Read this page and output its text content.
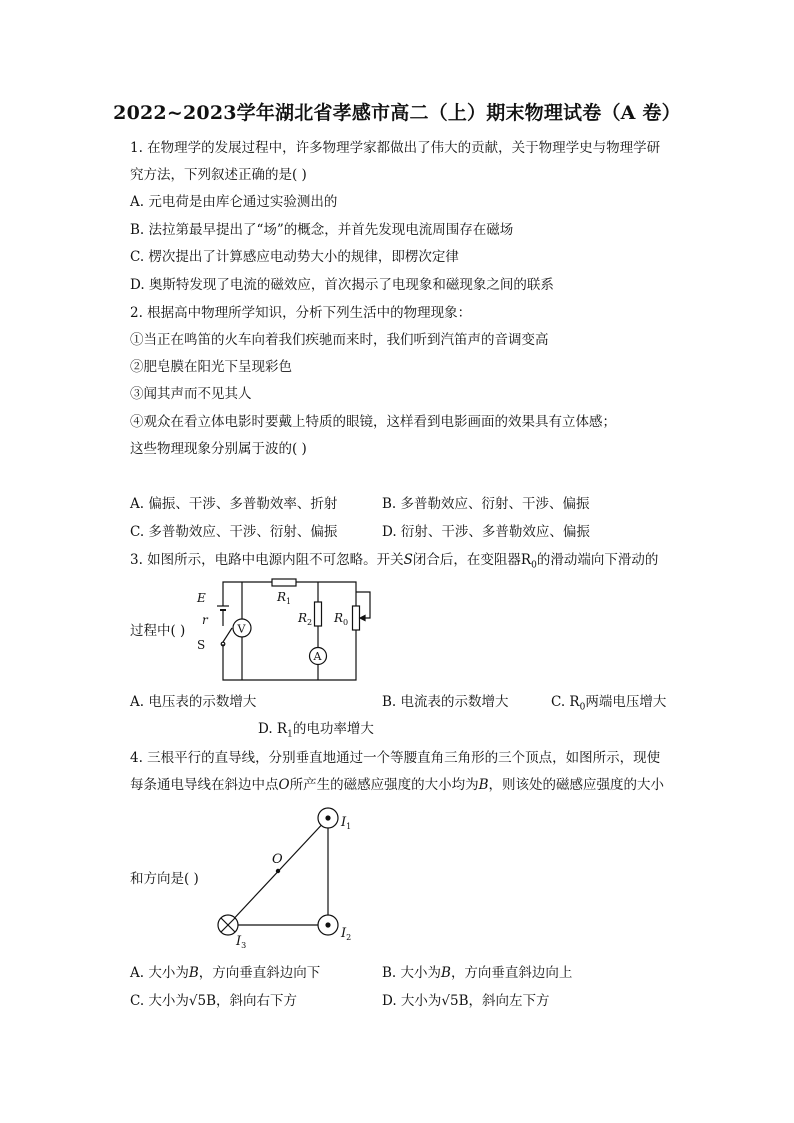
2022~2023学年湖北省孝感市高二（上）期末物理试卷（A 卷）
1. 在物理学的发展过程中，许多物理学家都做出了伟大的贡献，关于物理学史与物理学研
究方法，下列叙述正确的是( )
A. 元电荷是由库仑通过实验测出的
B. 法拉第最早提出了“场”的概念，并首先发现电流周围存在磁场
C. 楞次提出了计算感应电动势大小的规律，即楞次定律
D. 奥斯特发现了电流的磁效应，首次揭示了电现象和磁现象之间的联系
2. 根据高中物理所学知识，分析下列生活中的物理现象：
①当正在鸣笛的火车向着我们疾驰而来时，我们听到汽笛声的音调变高
②肥皂膜在阳光下呈现彩色
③闻其声而不见其人
④观众在看立体电影时要戴上特质的眼镜，这样看到电影画面的效果具有立体感；
这些物理现象分别属于波的( )
A. 偏振、干涉、多普勒效率、折射	B. 多普勒效应、衍射、干涉、偏振
C. 多普勒效应、干涉、衍射、偏振	D. 衍射、干涉、多普勒效应、偏振
3. 如图所示，电路中电源内阻不可忽略。开关S闭合后，在变阻器$R_0$的滑动端向下滑动的
过程中( )
E
r
S
V
A
$R_1$
$R_2$ $R_0$
A. 电压表的示数增大	B. 电流表的示数增大	C. $R_0$两端电压增大
D. $R_1$的电功率增大
4. 三根平行的直导线，分别垂直地通过一个等腰直角三角形的三个顶点，如图所示，现使
每条通电导线在斜边中点O所产生的磁感应强度的大小均为B，则该处的磁感应强度的大小
和方向是( )
O
$I_1$
$I_2$
$I_3$
A. 大小为B，方向垂直斜边向下	B. 大小为B，方向垂直斜边向上
C. 大小为√5B，斜向右下方	D. 大小为√5B，斜向左下方
